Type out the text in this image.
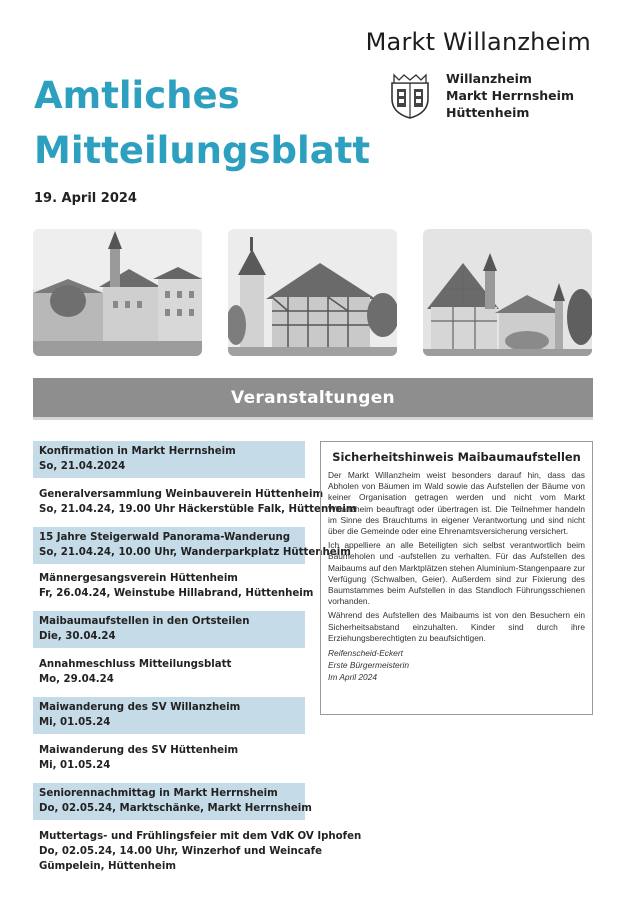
Markt Willanzheim
Willanzheim
Markt Herrnsheim
Hüttenheim
Amtliches
Mitteilungsblatt
19. April 2024
Veranstaltungen
Konfirmation in Markt Herrnsheim
So, 21.04.2024
Generalversammlung Weinbauverein Hüttenheim
So, 21.04.24, 19.00 Uhr Häckerstüble Falk, Hüttenheim
15 Jahre Steigerwald Panorama-Wanderung
So, 21.04.24, 10.00 Uhr, Wanderparkplatz Hüttenheim
Männergesangsverein Hüttenheim
Fr, 26.04.24, Weinstube Hillabrand, Hüttenheim
Maibaumaufstellen in den Ortsteilen
Die, 30.04.24
Annahmeschluss Mitteilungsblatt
Mo, 29.04.24
Maiwanderung des SV Willanzheim
Mi, 01.05.24
Maiwanderung des SV Hüttenheim
Mi, 01.05.24
Seniorennachmittag in Markt Herrnsheim
Do, 02.05.24, Marktschänke, Markt Herrnsheim
Muttertags- und Frühlingsfeier mit dem VdK OV Iphofen
Do, 02.05.24, 14.00 Uhr, Winzerhof und Weincafe
Gümpelein, Hüttenheim
Sicherheitshinweis Maibaumaufstellen

Der Markt Willanzheim weist besonders darauf hin, dass das Abholen von Bäumen im Wald sowie das Aufstellen der Bäume von keiner Organisation getragen werden und nicht vom Markt Willanzheim beauftragt oder übertragen ist. Die Teilnehmer handeln im Sinne des Brauchtums in eigener Verantwortung und sind nicht über die Gemeinde oder eine Ehrenamtsversicherung versichert.

Ich appelliere an alle Beteiligten sich selbst verantwortlich beim Bäumeholen und -aufstellen zu verhalten. Für das Aufstellen des Maibaums auf den Marktplätzen stehen Aluminium-Stangenpaare zur Verfügung (Schwalben, Geier). Außerdem sind zur Fixierung des Baumstammes beim Aufstellen in das Standloch Führungsschienen vorhanden.

Während des Aufstellen des Maibaums ist von den Besuchern ein Sicherheitsabstand einzuhalten. Kinder sind durch ihre Erziehungsberechtigten zu beaufsichtigen.

Reifenscheid-Eckert
Erste Bürgermeisterin
Im April 2024
